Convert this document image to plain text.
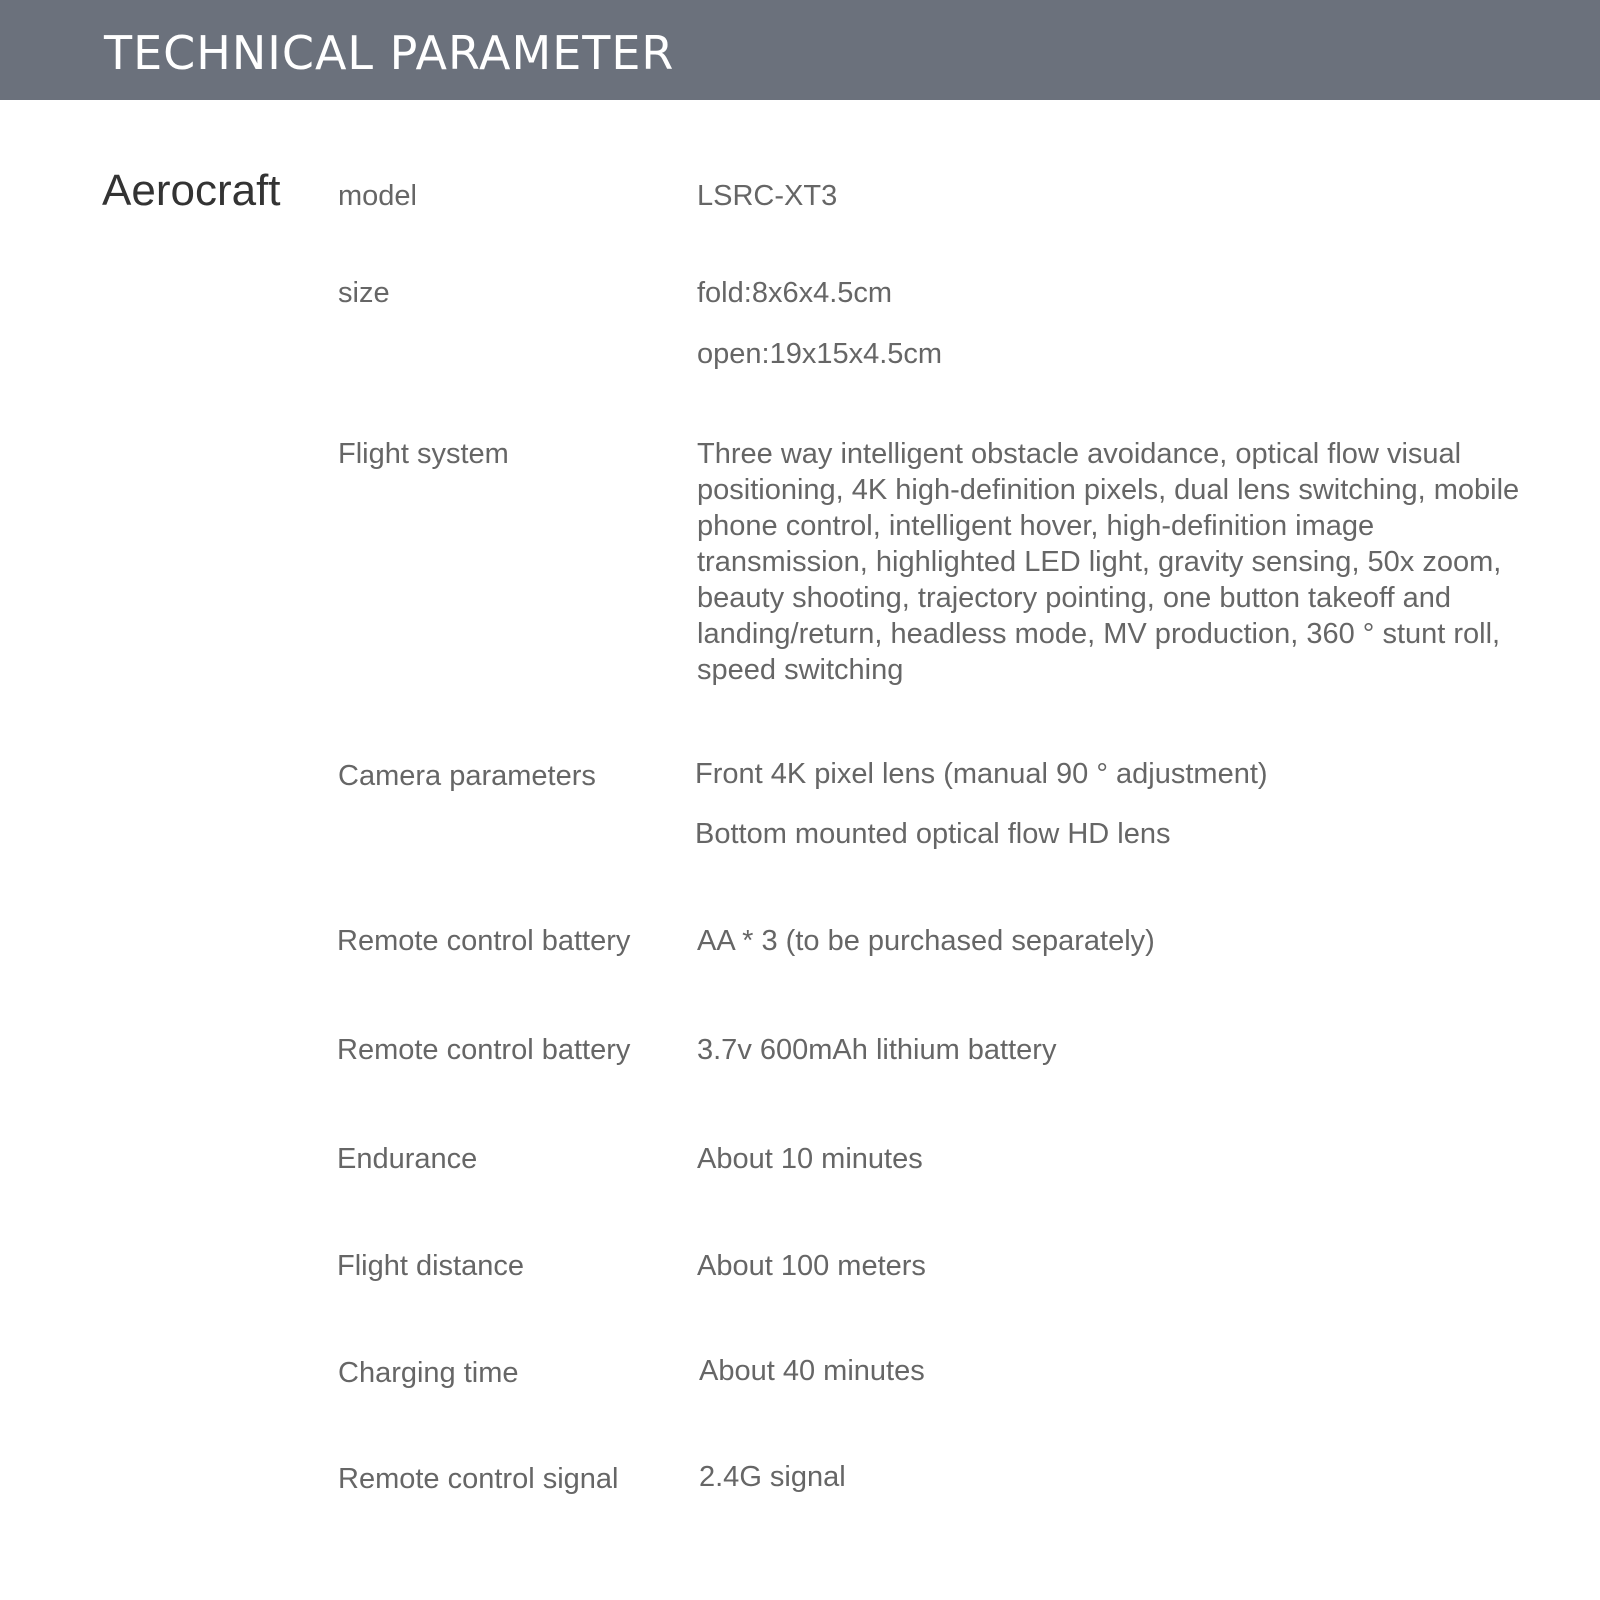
TECHNICAL PARAMETER
Aerocraft model	LSRC-XT3
size	fold:8x6x4.5cm
open:19x15x4.5cm
Flight system	Three way intelligent obstacle avoidance, optical flow visual positioning, 4K high-definition pixels, dual lens switching, mobile phone control, intelligent hover, high-definition image transmission, highlighted LED light, gravity sensing, 50x zoom, beauty shooting, trajectory pointing, one button takeoff and landing/return, headless mode, MV production, 360 ° stunt roll, speed switching
Camera parameters	Front 4K pixel lens (manual 90 ° adjustment)
Bottom mounted optical flow HD lens
Remote control battery AA * 3 (to be purchased separately)
Remote control battery 3.7v 600mAh lithium battery
Endurance	About 10 minutes
Flight distance	About 100 meters
Charging time	About 40 minutes
Remote control signal	2.4G signal
